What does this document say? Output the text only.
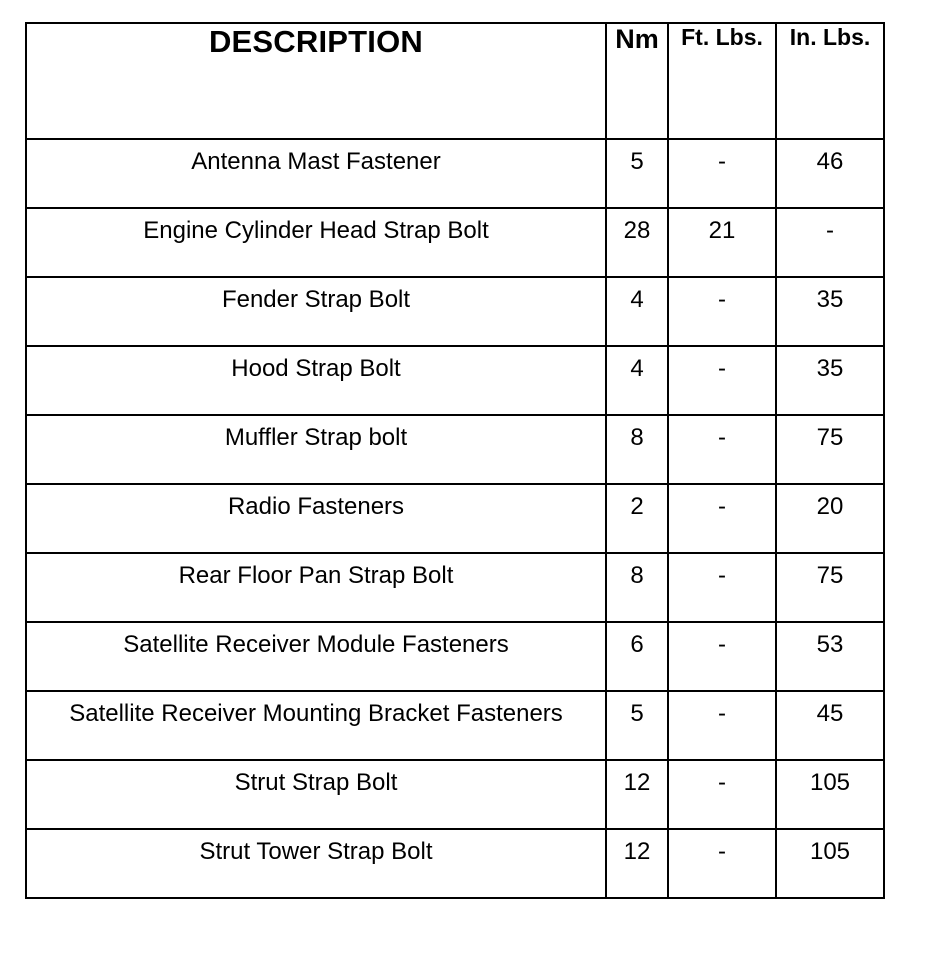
DESCRIPTION	Nm	Ft. Lbs.	In. Lbs.
Antenna Mast Fastener	5	-	46
Engine Cylinder Head Strap Bolt	28	21	-
Fender Strap Bolt	4	-	35
Hood Strap Bolt	4	-	35
Muffler Strap bolt	8	-	75
Radio Fasteners	2	-	20
Rear Floor Pan Strap Bolt	8	-	75
Satellite Receiver Module Fasteners	6	-	53
Satellite Receiver Mounting Bracket Fasteners	5	-	45
Strut Strap Bolt	12	-	105
Strut Tower Strap Bolt	12	-	105
